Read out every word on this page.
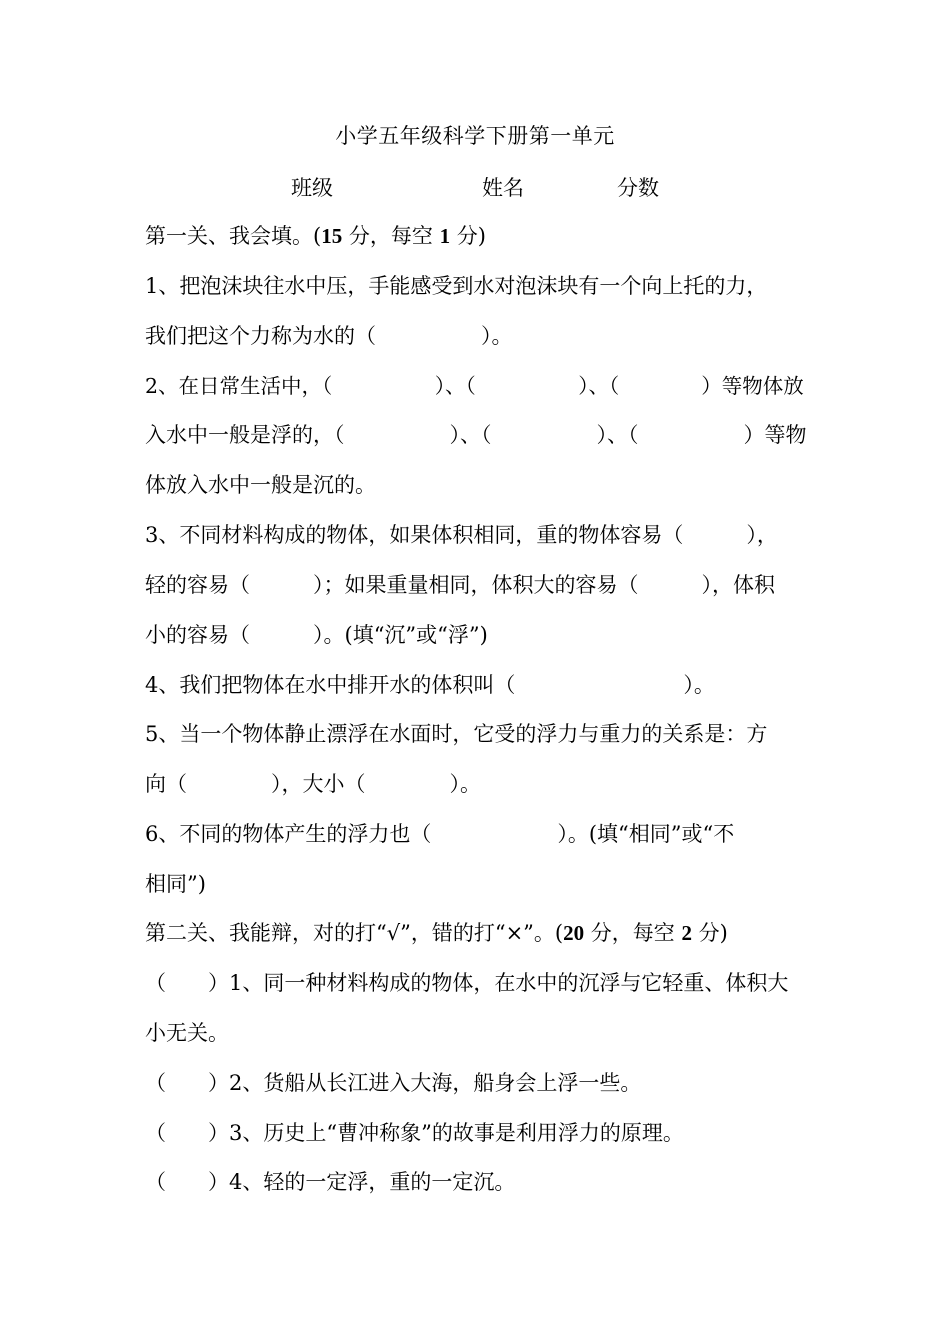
小学五年级科学下册第一单元
班级	姓名	分数
第一关、我会填。(15 分，每空 1 分)
1、把泡沫块往水中压，手能感受到水对泡沫块有一个向上托的力，
我们把这个力称为水的（　　　　　）。
2、在日常生活中，（　　　　　）、（　　　　　）、（　　　　）等物体放
入水中一般是浮的，（　　　　　）、（　　　　　）、（　　　　　）等物
体放入水中一般是沉的。
3、不同材料构成的物体，如果体积相同，重的物体容易（　　　），
轻的容易（　　　）；如果重量相同，体积大的容易（　　　），体积
小的容易（　　　）。(填“沉”或“浮”)
4、我们把物体在水中排开水的体积叫（　　　　　　　　）。
5、当一个物体静止漂浮在水面时，它受的浮力与重力的关系是：方
向（　　　　），大小（　　　　）。
6、不同的物体产生的浮力也（　　　　　　）。(填“相同”或“不
相同”)
第二关、我能辩，对的打“√”，错的打“×”。(20 分，每空 2 分)
（　　）1、同一种材料构成的物体，在水中的沉浮与它轻重、体积大
小无关。
（　　）2、货船从长江进入大海，船身会上浮一些。
（　　）3、历史上“曹冲称象”的故事是利用浮力的原理。
（　　）4、轻的一定浮，重的一定沉。
